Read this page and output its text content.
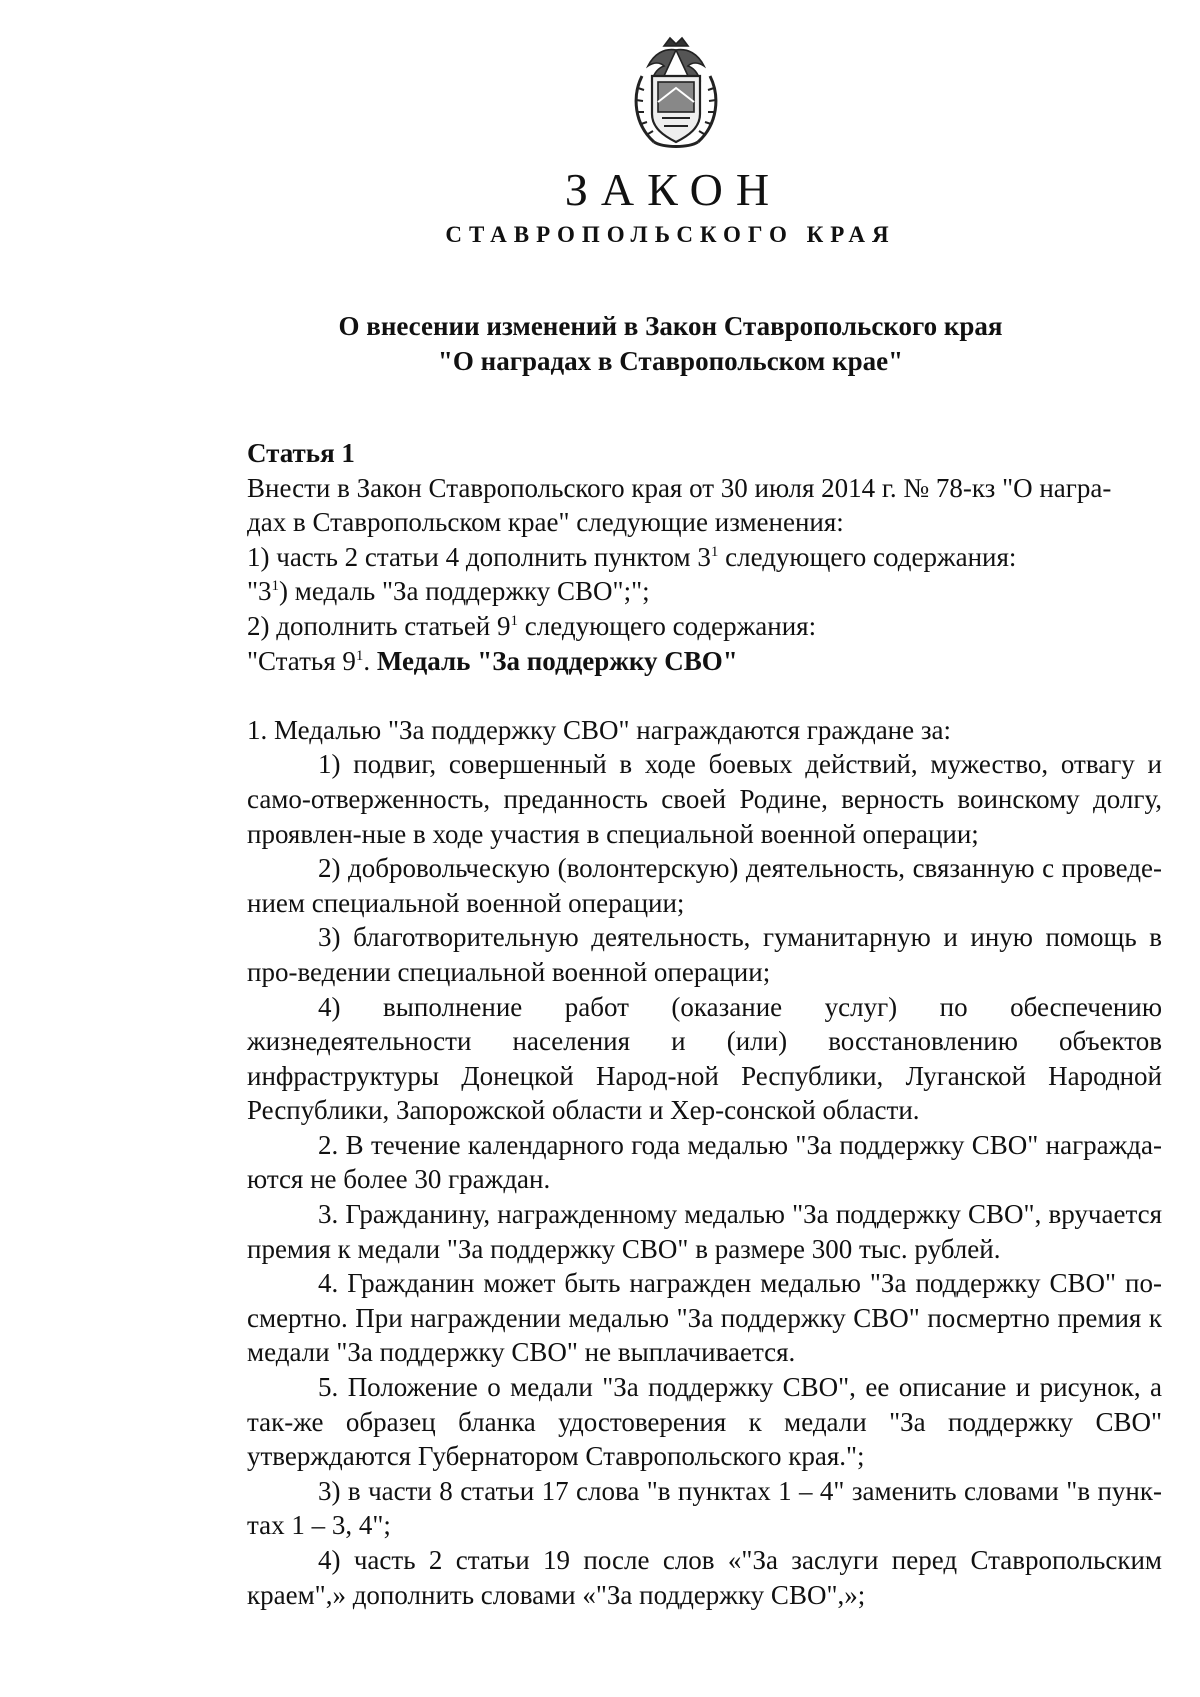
ЗАКОН
СТАВРОПОЛЬСКОГО КРАЯ
О внесении изменений в Закон Ставропольского края
"О наградах в Ставропольском крае"

Статья 1

Внести в Закон Ставропольского края от 30 июля 2014 г. № 78-кз "О награ-

дах в Ставропольском крае" следующие изменения:

1) часть 2 статьи 4 дополнить пунктом $3^1$ следующего содержания:

"$3^1$) медаль "За поддержку СВО";";

2) дополнить статьей $9^1$ следующего содержания:

"Статья $9^1$. Медаль "За поддержку СВО"

1. Медалью "За поддержку СВО" награждаются граждане за:

1) подвиг, совершенный в ходе боевых действий, мужество, отвагу и само-отверженность, преданность своей Родине, верность воинскому долгу, проявлен-ные в ходе участия в специальной военной операции;

2) добровольческую (волонтерскую) деятельность, связанную с проведе-нием специальной военной операции;

3) благотворительную деятельность, гуманитарную и иную помощь в про-ведении специальной военной операции;

4) выполнение работ (оказание услуг) по обеспечению жизнедеятельности населения и (или) восстановлению объектов инфраструктуры Донецкой Народ-ной Республики, Луганской Народной Республики, Запорожской области и Хер-сонской области.

2. В течение календарного года медалью "За поддержку СВО" награжда-ются не более 30 граждан.

3. Гражданину, награжденному медалью "За поддержку СВО", вручается премия к медали "За поддержку СВО" в размере 300 тыс. рублей.

4. Гражданин может быть награжден медалью "За поддержку СВО" по-смертно. При награждении медалью "За поддержку СВО" посмертно премия к медали "За поддержку СВО" не выплачивается.

5. Положение о медали "За поддержку СВО", ее описание и рисунок, а так-же образец бланка удостоверения к медали "За поддержку СВО" утверждаются Губернатором Ставропольского края.";

3) в части 8 статьи 17 слова "в пунктах 1 – 4" заменить словами "в пунк-тах 1 – 3, 4";

4) часть 2 статьи 19 после слов «"За заслуги перед Ставропольским краем",» дополнить словами «"За поддержку СВО",»;
